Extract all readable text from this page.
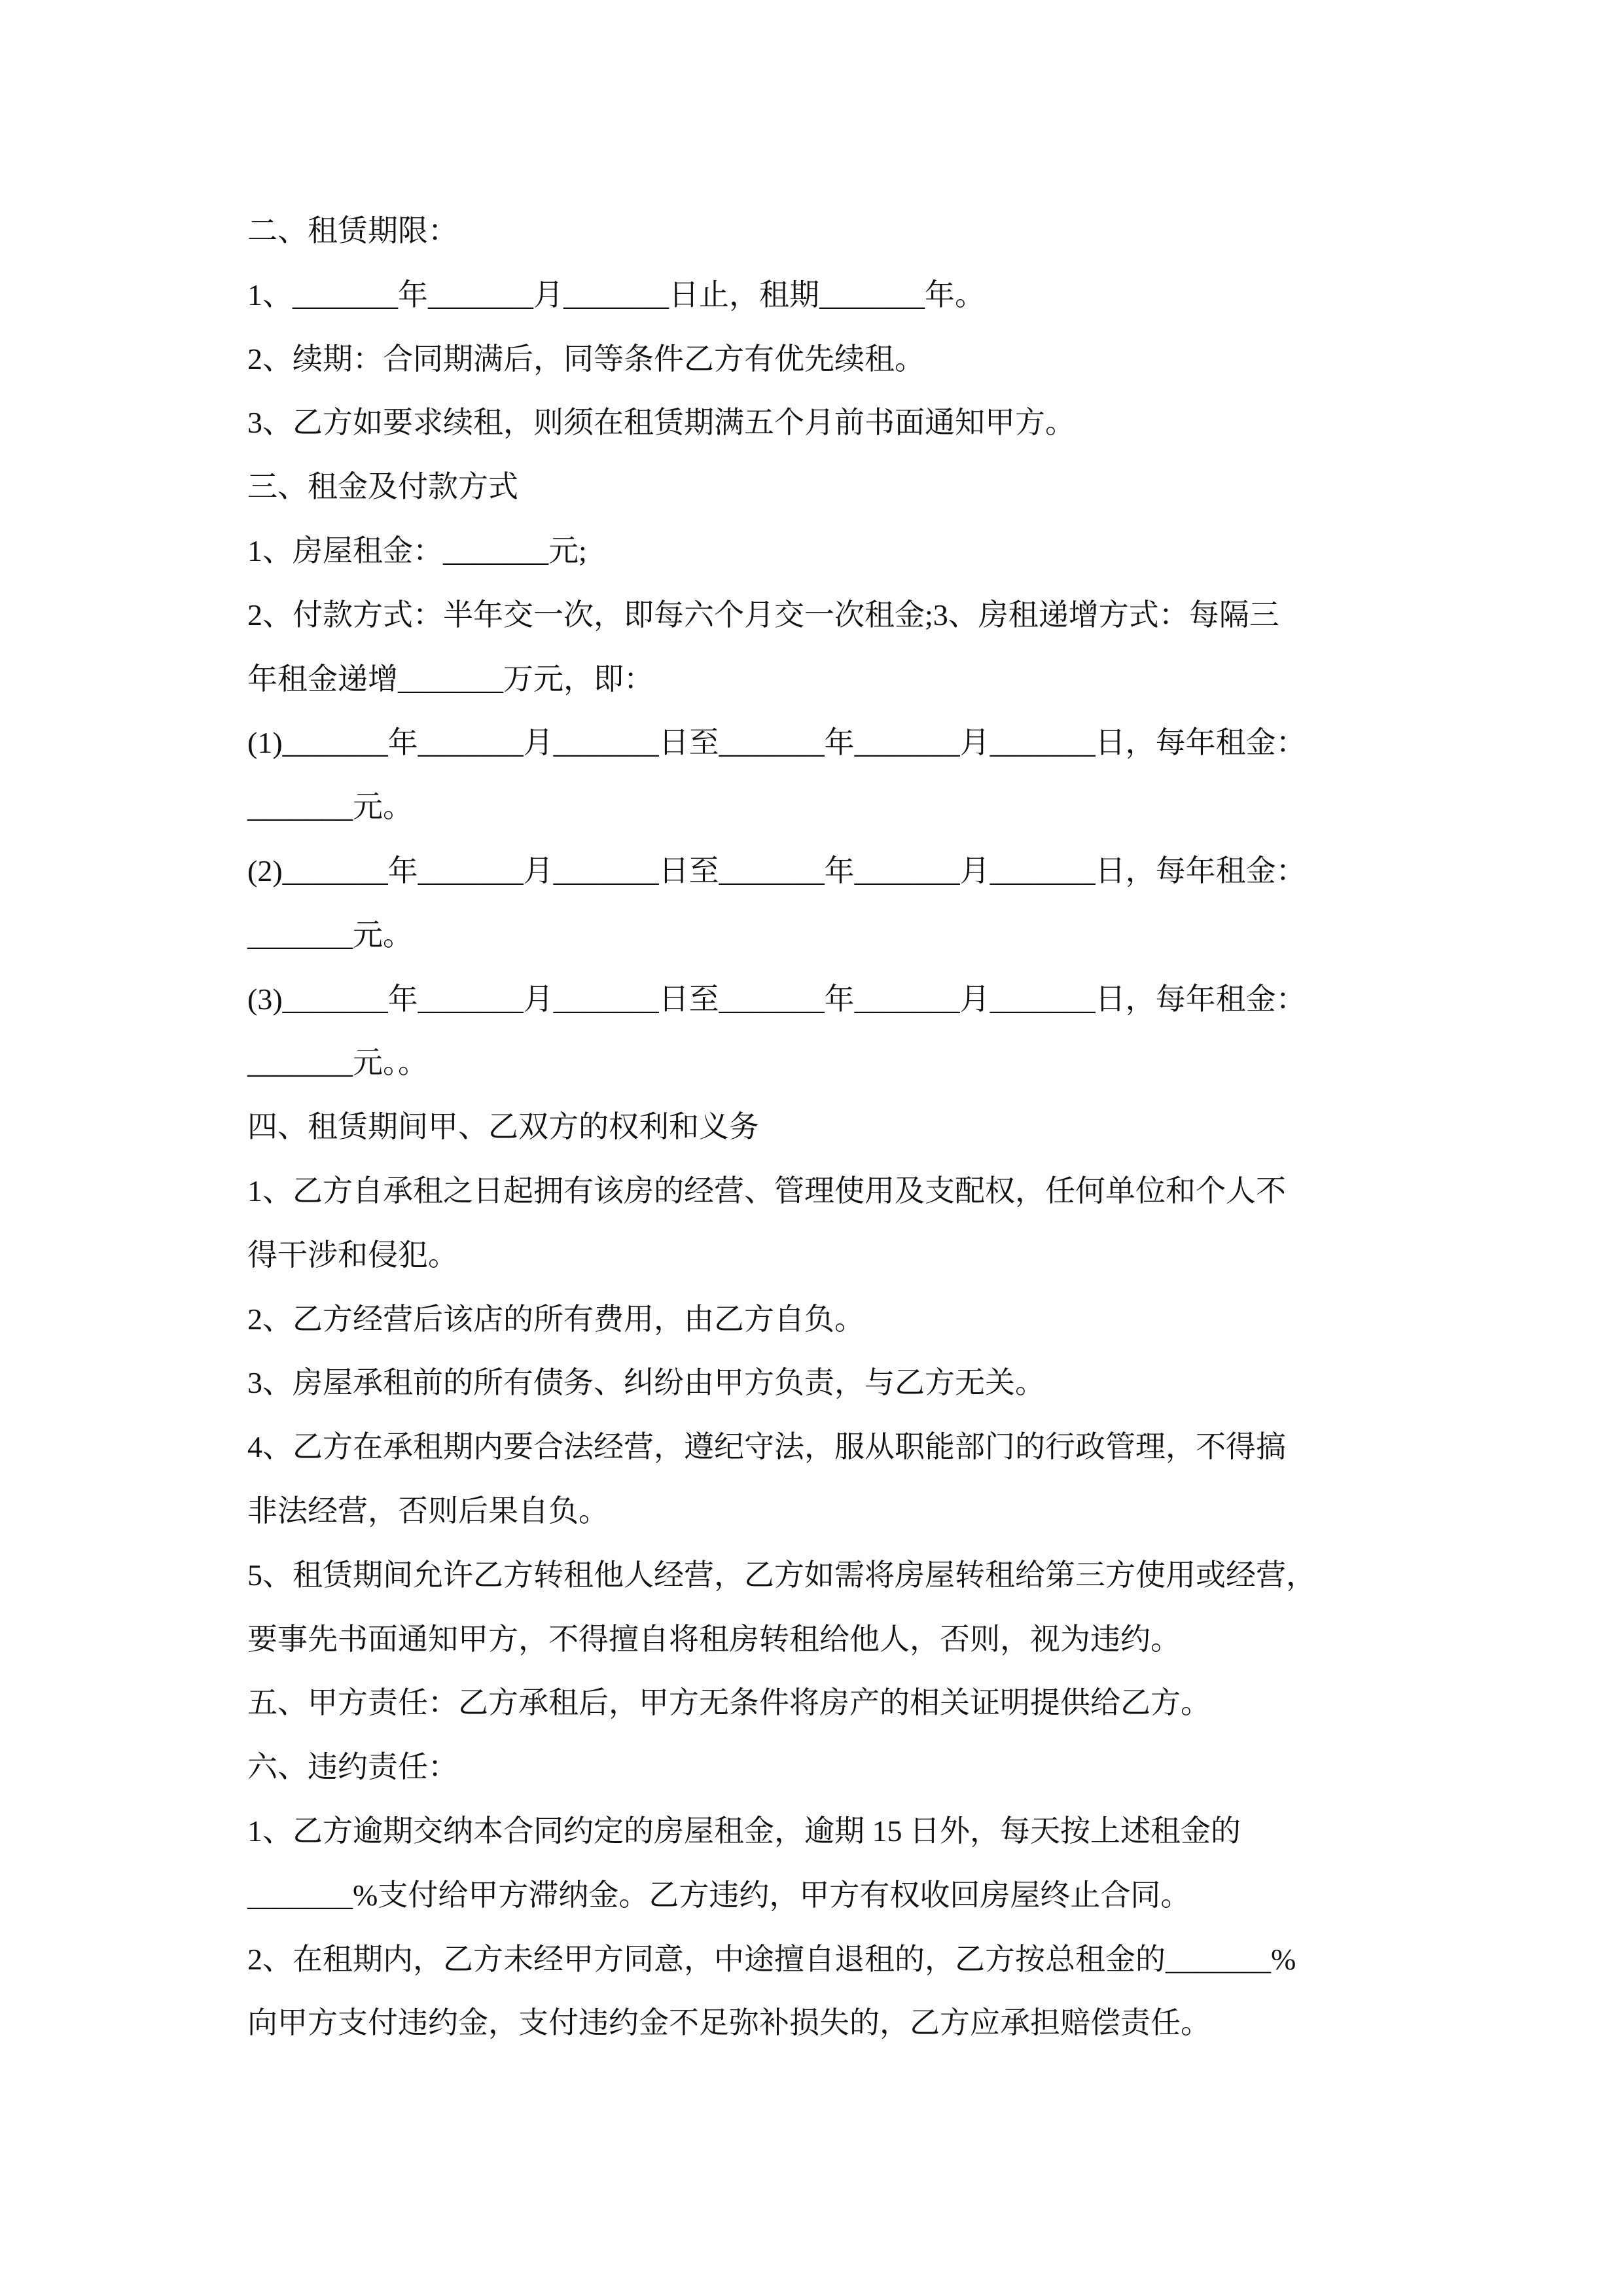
二、租赁期限：
1、_______年_______月_______日止，租期_______年。
2、续期：合同期满后，同等条件乙方有优先续租。
3、乙方如要求续租，则须在租赁期满五个月前书面通知甲方。
三、租金及付款方式
1、房屋租金：_______元;
2、付款方式：半年交一次，即每六个月交一次租金;3、房租递增方式：每隔三
年租金递增_______万元，即：
(1)_______年_______月_______日至_______年_______月_______日，每年租金：
_______元。
(2)_______年_______月_______日至_______年_______月_______日，每年租金：
_______元。
(3)_______年_______月_______日至_______年_______月_______日，每年租金：
_______元。。
四、租赁期间甲、乙双方的权利和义务
1、乙方自承租之日起拥有该房的经营、管理使用及支配权，任何单位和个人不
得干涉和侵犯。
2、乙方经营后该店的所有费用，由乙方自负。
3、房屋承租前的所有债务、纠纷由甲方负责，与乙方无关。
4、乙方在承租期内要合法经营，遵纪守法，服从职能部门的行政管理，不得搞
非法经营，否则后果自负。
5、租赁期间允许乙方转租他人经营，乙方如需将房屋转租给第三方使用或经营，
要事先书面通知甲方，不得擅自将租房转租给他人，否则，视为违约。
五、甲方责任：乙方承租后，甲方无条件将房产的相关证明提供给乙方。
六、违约责任：
1、乙方逾期交纳本合同约定的房屋租金，逾期 15 日外，每天按上述租金的
_______%支付给甲方滞纳金。乙方违约，甲方有权收回房屋终止合同。
2、在租期内，乙方未经甲方同意，中途擅自退租的，乙方按总租金的_______%
向甲方支付违约金，支付违约金不足弥补损失的，乙方应承担赔偿责任。
